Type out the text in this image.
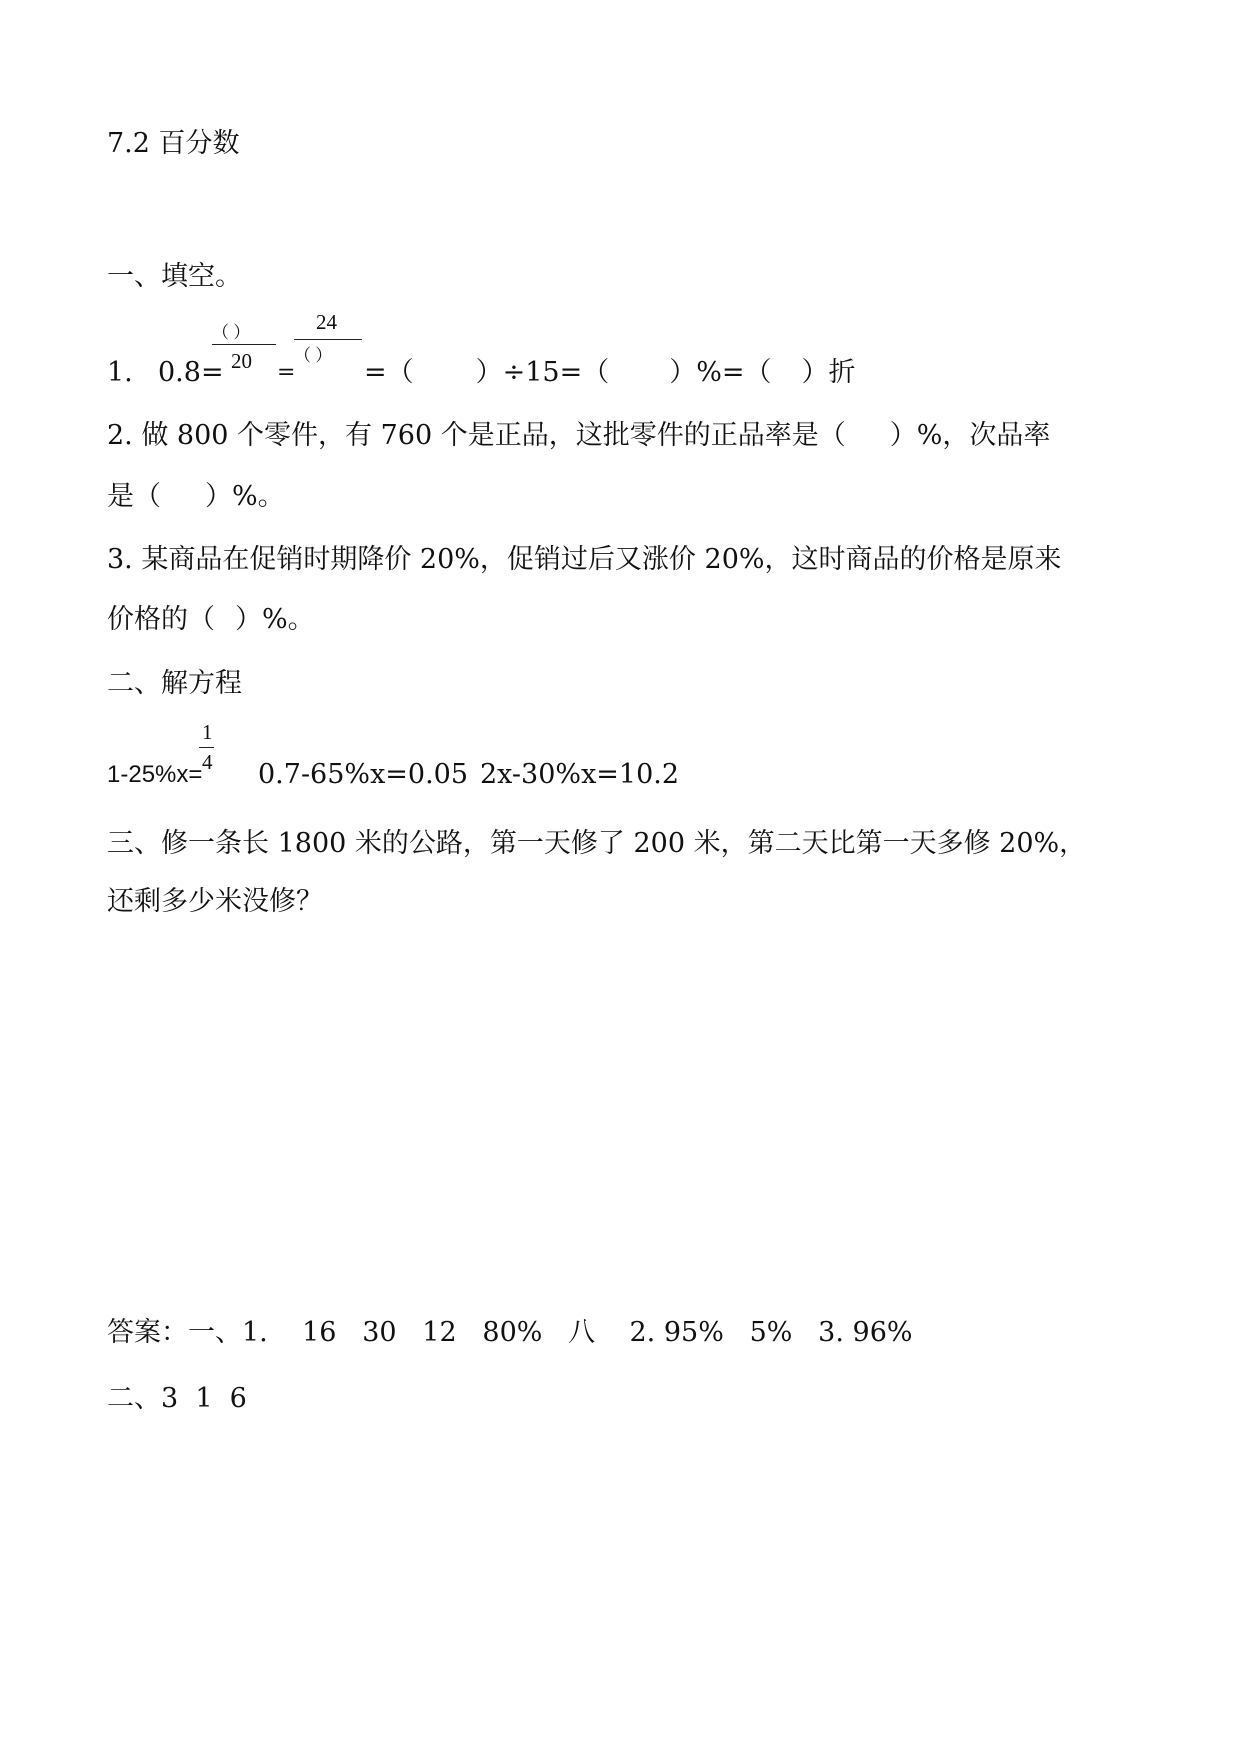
7.2 百分数
一、填空。
1. 0.8=
（ ）
20 =
24
（ ）
=（ ）÷15=（ ）%=（ ）折
2. 做 800 个零件，有 760 个是正品，这批零件的正品率是（ ）%，次品率
是（ ）%。
3. 某商品在促销时期降价 20%，促销过后又涨价 20%，这时商品的价格是原来
价格的（ ）%。
二、解方程
1-25%x=
1
4 0.7-65%x=0.05 2x-30%x=10.2
三、修一条长 1800 米的公路，第一天修了 200 米，第二天比第一天多修 20%，
还剩多少米没修？
答案：一、1.    16   30   12   80%   八    2. 95%   5%   3. 96%
二、3  1  6
